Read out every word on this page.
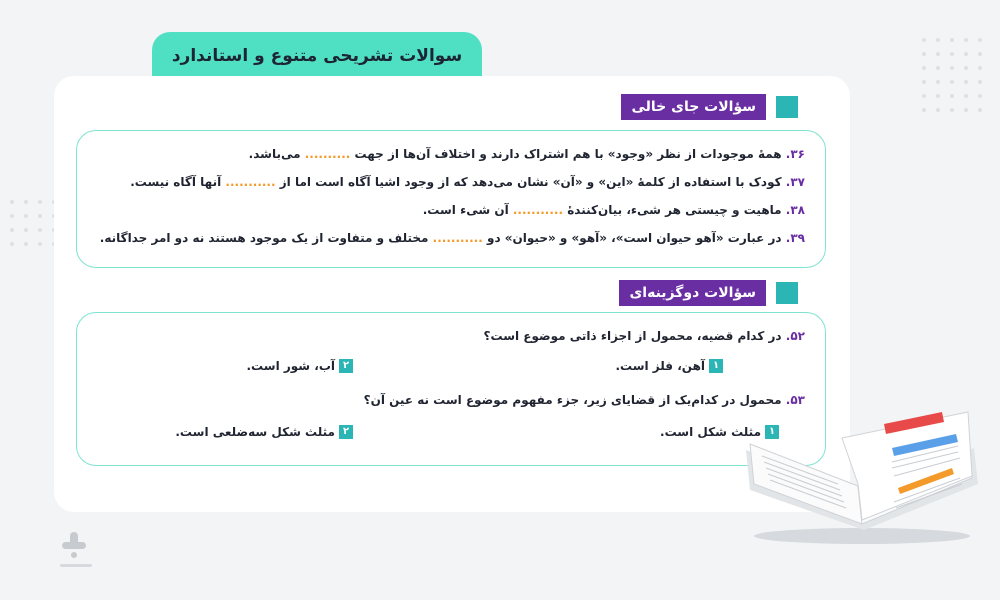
سوالات تشریحی متنوع و استاندارد
سؤالات جای خالی
۳۶. همهٔ موجودات از نظر «وجود» با هم اشتراک دارند و اختلاف آن‌ها از جهت .......... می‌باشد.
۳۷. کودک با استفاده از کلمهٔ «این» و «آن» نشان می‌دهد که از وجود اشیا آگاه است اما از ........... آنها آگاه نیست.
۳۸. ماهیت و چیستی هر شیء، بیان‌کنندهٔ ........... آن شیء است.
۳۹. در عبارت «آهو حیوان است»، «آهو» و «حیوان» دو ........... مختلف و متفاوت از یک موجود هستند نه دو امر جداگانه.
سؤالات دوگزینه‌ای
۵۲. در کدام قضیه، محمول از اجزاء ذاتی موضوع است؟
۱
آهن، فلز است.
۲
آب، شور است.
۵۳. محمول در کدام‌یک از قضایای زیر، جزء مفهوم موضوع است نه عین آن؟
۱
مثلث شکل است.
۲
مثلث شکل سه‌ضلعی است.
